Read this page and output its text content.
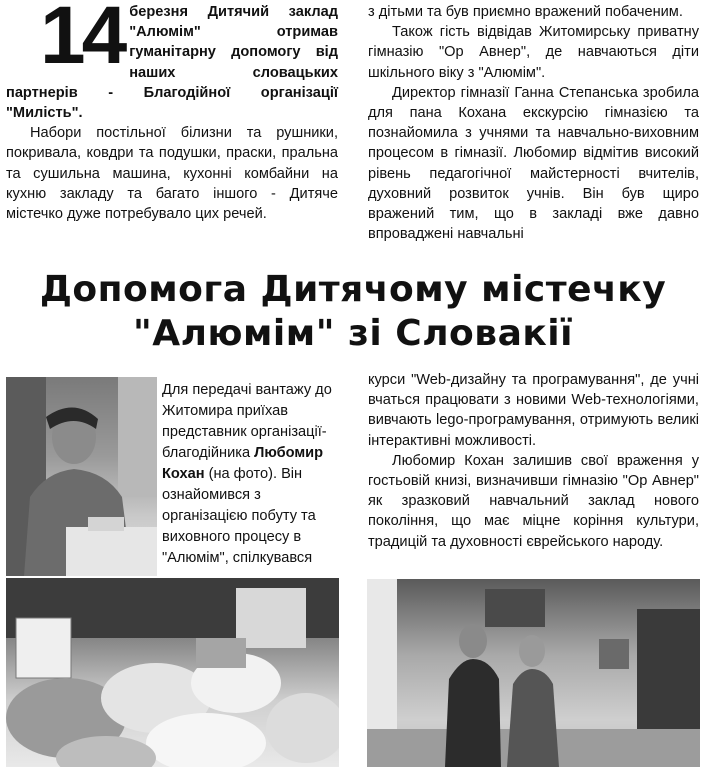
14 березня Дитячий заклад "Алюмім" отримав гуманітарну допомогу від наших словацьких партнерів - Благодійної організації "Милість".

Набори постільної білизни та рушники, покривала, ковдри та подушки, праски, пральна та сушильна машина, кухонні комбайни на кухню закладу та багато іншого - Дитяче містечко дуже потребувало цих речей.

з дітьми та був приємно вражений побаченим.

Також гість відвідав Житомирську приватну гімназію "Ор Авнер", де навчаються діти шкільного віку з "Алюмім".

Директор гімназії Ганна Степанська зробила для пана Кохана екскурсію гімназією та познайомила з учнями та навчально-виховним процесом в гімназії. Любомир відмітив високий рівень педагогічної майстерності вчителів, духовний розвиток учнів. Він був щиро вражений тим, що в закладі вже давно впроваджені навчальні

Допомога Дитячому містечку
"Алюмім" зі Словакії

Для передачі вантажу до Житомира приїхав представник організації-благодійника Любомир Кохан (на фото). Він ознайомився з організацією побуту та виховного процесу в "Алюмім", спілкувався

курси "Web-дизайну та програмування", де учні вчаться працювати з новими Web-технологіями, вивчають lego-програмування, отримують великі інтерактивні можливості.

Любомир Кохан залишив свої враження у гостьовій книзі, визначивши гімназію "Ор Авнер" як зразковий навчальний заклад нового покоління, що має міцне коріння культури, традицій та духовності єврейського народу.
